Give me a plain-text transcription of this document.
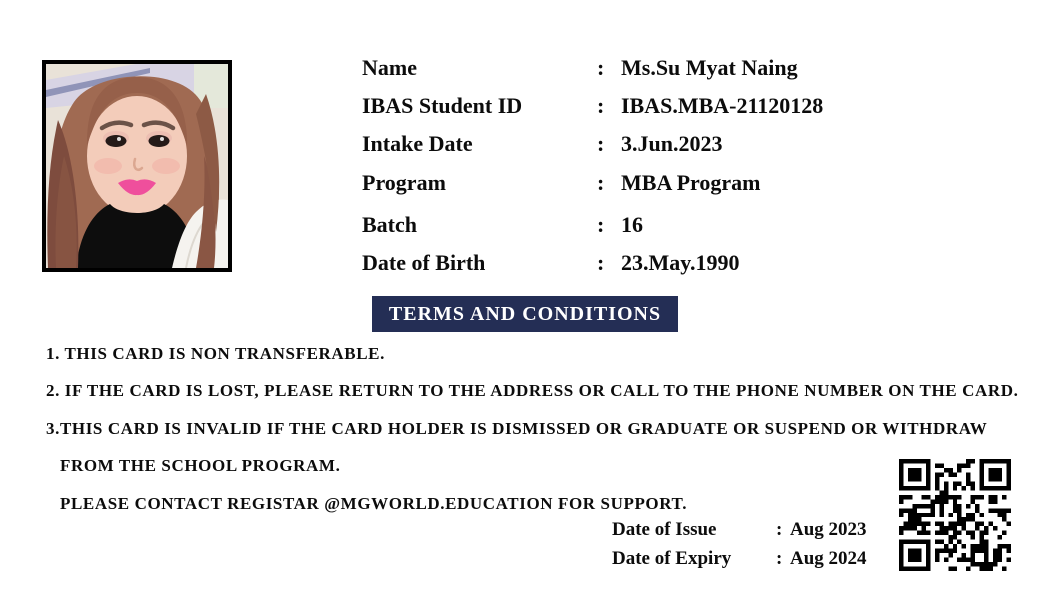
Name	: Ms.Su Myat Naing
IBAS Student ID	: IBAS.MBA-21120128
Intake Date	: 3.Jun.2023
Program	: MBA Program
Batch	: 16
Date of Birth	: 23.May.1990
TERMS AND CONDITIONS
1. THIS CARD IS NON TRANSFERABLE.
2. IF THE CARD IS LOST, PLEASE RETURN TO THE ADDRESS OR CALL TO THE PHONE NUMBER ON THE CARD.
3.THIS CARD IS INVALID IF THE CARD HOLDER IS DISMISSED OR GRADUATE OR SUSPEND OR WITHDRAW
FROM THE SCHOOL PROGRAM.
PLEASE CONTACT REGISTAR @MGWORLD.EDUCATION FOR SUPPORT.
Date of Issue	: Aug 2023
Date of Expiry	: Aug 2024
